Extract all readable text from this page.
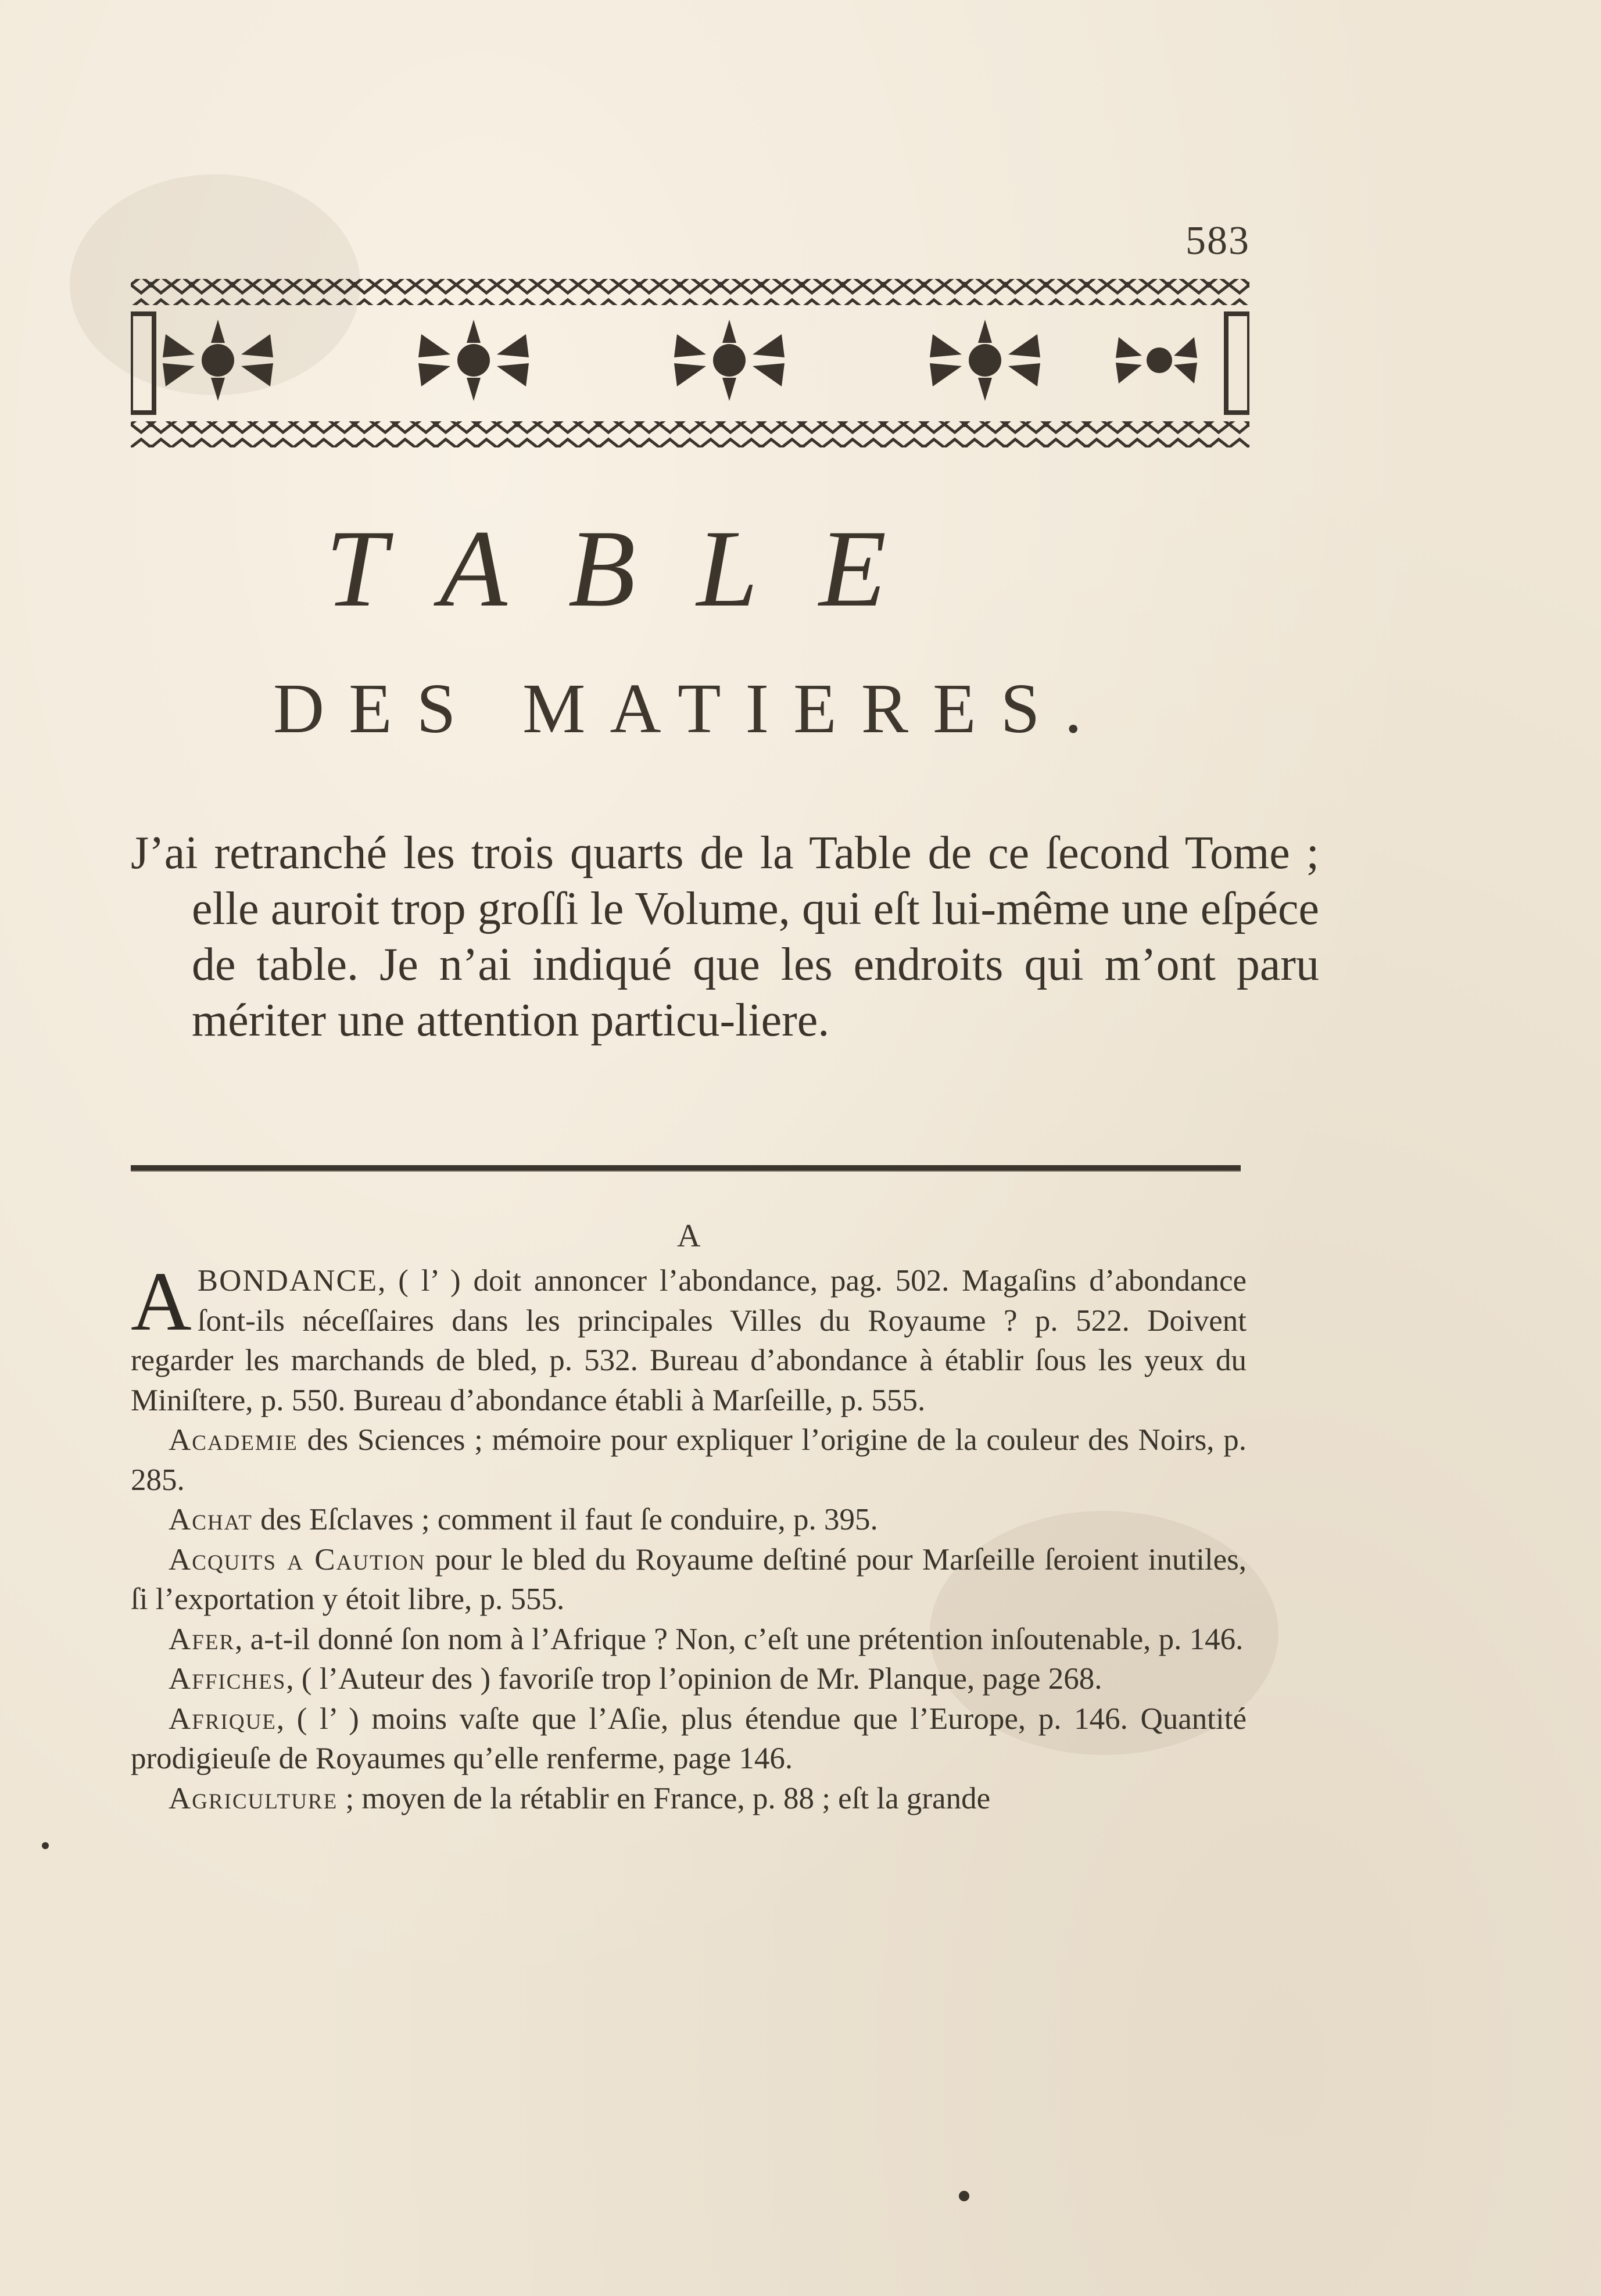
583
TABLE
DES MATIERES.

J’ai retranché les trois quarts de la Table de ce ſecond Tome ; elle auroit trop groſſi le Volume, qui eſt lui-même une eſpéce de table. Je n’ai indiqué que les endroits qui m’ont paru mériter une attention particu-liere.

A

ABONDANCE, ( l’ ) doit annoncer l’abondance, pag. 502. Magaſins d’abondance ſont-ils néceſſaires dans les principales Villes du Royaume ? p. 522. Doivent regarder les marchands de bled, p. 532. Bureau d’abondance à établir ſous les yeux du Miniſtere, p. 550. Bureau d’abondance établi à Marſeille, p. 555.

Academie des Sciences ; mémoire pour expliquer l’origine de la couleur des Noirs, p. 285.

Achat des Eſclaves ; comment il faut ſe conduire, p. 395.

Acquits a Caution pour le bled du Royaume deſtiné pour Marſeille ſeroient inutiles, ſi l’exportation y étoit libre, p. 555.

Afer, a-t-il donné ſon nom à l’Afrique ? Non, c’eſt une prétention inſoutenable, p. 146.

Affiches, ( l’Auteur des ) favoriſe trop l’opinion de Mr. Planque, page 268.

Afrique, ( l’ ) moins vaſte que l’Aſie, plus étendue que l’Europe, p. 146. Quantité prodigieuſe de Royaumes qu’elle renferme, page 146.

Agriculture ; moyen de la rétablir en France, p. 88 ; eſt la grande
